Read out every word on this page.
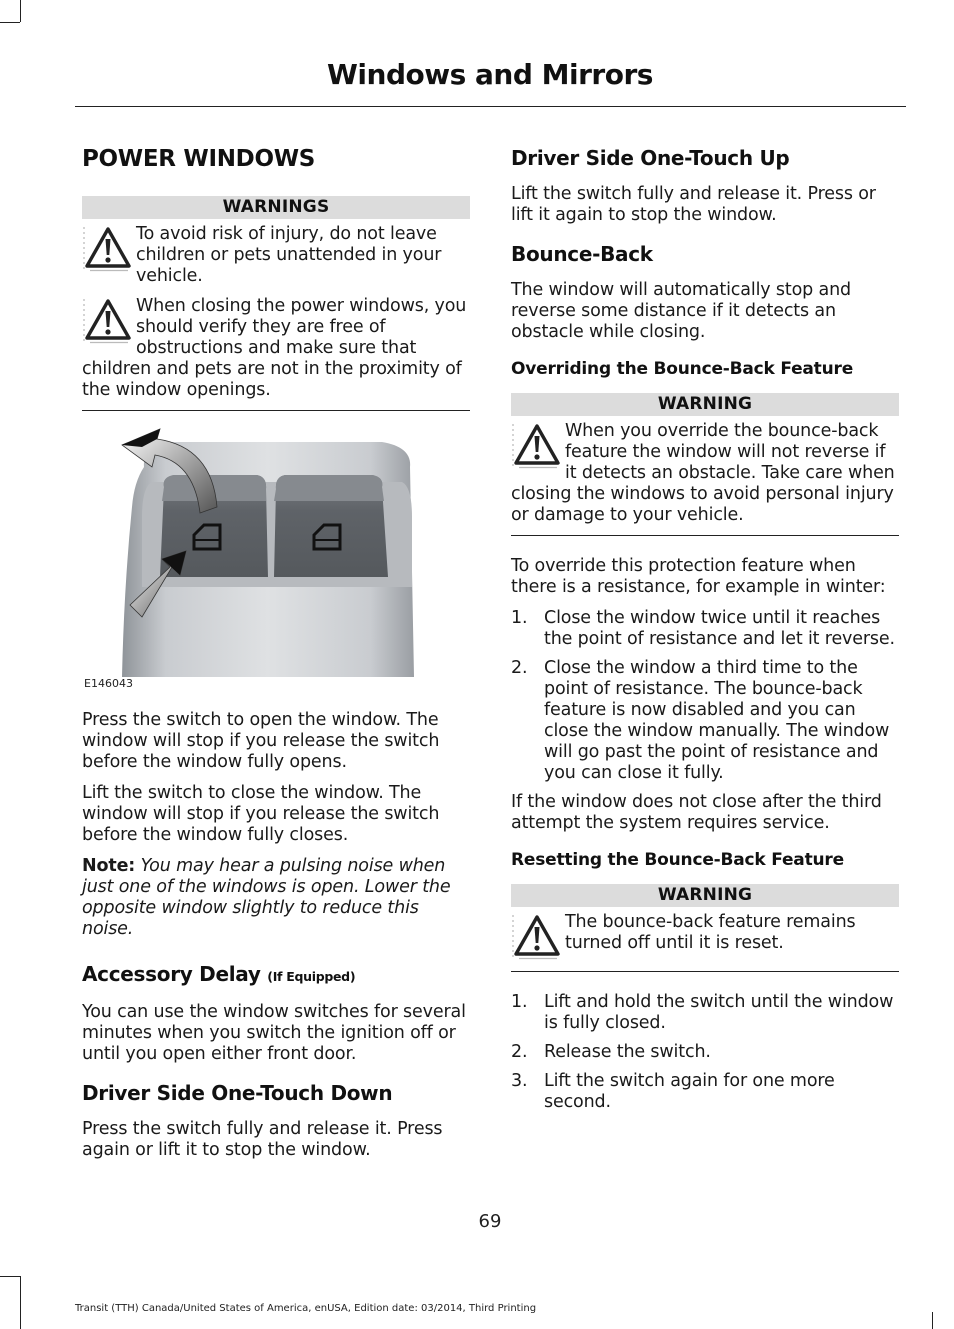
Windows and Mirrors
POWER WINDOWS
WARNINGS
To avoid risk of injury, do not leave children or pets unattended in your vehicle.
When closing the power windows, you should verify they are free of obstructions and make sure that children and pets are not in the proximity of the window openings.
E146043

Press the switch to open the window. The window will stop if you release the switch before the window fully opens.

Lift the switch to close the window. The window will stop if you release the switch before the window fully closes.

Note: You may hear a pulsing noise when just one of the windows is open. Lower the opposite window slightly to reduce this noise.
Accessory Delay (If Equipped)

You can use the window switches for several minutes when you switch the ignition off or until you open either front door.

Driver Side One-Touch Down

Press the switch fully and release it. Press again or lift it to stop the window.

Driver Side One-Touch Up

Lift the switch fully and release it. Press or lift it again to stop the window.

Bounce-Back

The window will automatically stop and reverse some distance if it detects an obstacle while closing.

Overriding the Bounce-Back Feature
WARNING
When you override the bounce-back feature the window will not reverse if it detects an obstacle. Take care when closing the windows to avoid personal injury or damage to your vehicle.

To override this protection feature when there is a resistance, for example in winter:

1. Close the window twice until it reaches the point of resistance and let it reverse.
2. Close the window a third time to the point of resistance. The bounce-back feature is now disabled and you can close the window manually. The window will go past the point of resistance and you can close it fully.

If the window does not close after the third attempt the system requires service.

Resetting the Bounce-Back Feature
WARNING
The bounce-back feature remains turned off until it is reset.
1. Lift and hold the switch until the window is fully closed.
2. Release the switch.
3. Lift the switch again for one more second.
69
Transit (TTH) Canada/United States of America, enUSA, Edition date: 03/2014, Third Printing
